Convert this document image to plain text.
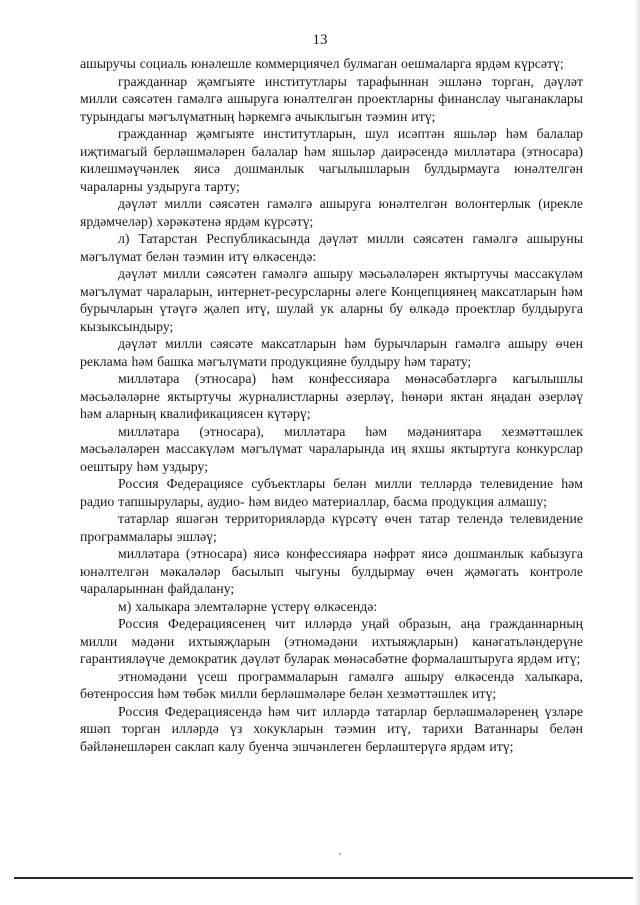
13

ашыручы социаль юнәлешле коммерциячел булмаган оешмаларга ярдәм күрсәтү;

гражданнар җәмгыяте институтлары тарафыннан эшләнә торган, дәүләт милли сәясәтен гамәлгә ашыруга юнәлтелгән проектларны финанслау чыганаклары турындагы мәгълүматның һәркемгә ачыклыгын тәэмин итү;

гражданнар җәмгыяте институтларын, шул исәптән яшьләр һәм балалар иҗтимагый берләшмәләрен балалар һәм яшьләр даирәсендә милләтара (этносара) килешмәүчәнлек яисә дошманлык чагылышларын булдырмауга юнәлтелгән чараларны уздыруга тарту;

дәүләт милли сәясәтен гамәлгә ашыруга юнәлтелгән волонтерлык (ирекле ярдәмчеләр) хәрәкәтенә ярдәм күрсәтү;

л) Татарстан Республикасында дәүләт милли сәясәтен гамәлгә ашыруны мәгълүмат белән тәэмин итү өлкәсендә:

дәүләт милли сәясәтен гамәлгә ашыру мәсьәләләрен яктыртучы массакүләм мәгълүмат чараларын, интернет-ресурсларны әлеге Концепциянең максатларын һәм бурычларын үтәүгә җәлеп итү, шулай ук аларны бу өлкәдә проектлар булдыруга кызыксындыру;

дәүләт милли сәясәте максатларын һәм бурычларын гамәлгә ашыру өчен реклама һәм башка мәгълүмати продукцияне булдыру һәм тарату;

милләтара (этносара) һәм конфессияара мөнәсәбәтләргә кагылышлы мәсьәләләрне яктыртучы журналистларны әзерләү, һөнәри яктан яңадан әзерләү һәм аларның квалификациясен күтәрү;

милләтара (этносара), милләтара һәм мәдәниятара хезмәттәшлек мәсьәләләрен массакүләм мәгълүмат чараларында иң яхшы яктыртуга конкурслар оештыру һәм уздыру;

Россия Федерациясе субъектлары белән милли телләрдә телевидение һәм радио тапшырулары, аудио- һәм видео материаллар, басма продукция алмашу;

татарлар яшәгән территорияләрдә күрсәтү өчен татар телендә телевидение программалары эшләү;

милләтара (этносара) яисә конфессияара нәфрәт яисә дошманлык кабызуга юнәлтелгән мәкаләләр басылып чыгуны булдырмау өчен җәмәгать контроле чараларыннан файдалану;

м) халыкара элемтәләрне үстерү өлкәсендә:

Россия Федерациясенең чит илләрдә уңай образын, аңа гражданнарның милли мәдәни ихтыяҗларын (этномәдәни ихтыяҗларын) канәгатьләндерүне гарантияләүче демократик дәүләт буларак мөнәсәбәтне формалаштыруга ярдәм итү;

этномәдәни үсеш программаларын гамәлгә ашыру өлкәсендә халыкара, бөтенроссия һәм төбәк милли берләшмәләре белән хезмәттәшлек итү;

Россия Федерациясендә һәм чит илләрдә татарлар берләшмәләренең үзләре яшәп торган илләрдә үз хокукларын тәэмин итү, тарихи Ватаннары белән бәйләнешләрен саклап калу буенча эшчәнлеген берләштерүгә ярдәм итү;
